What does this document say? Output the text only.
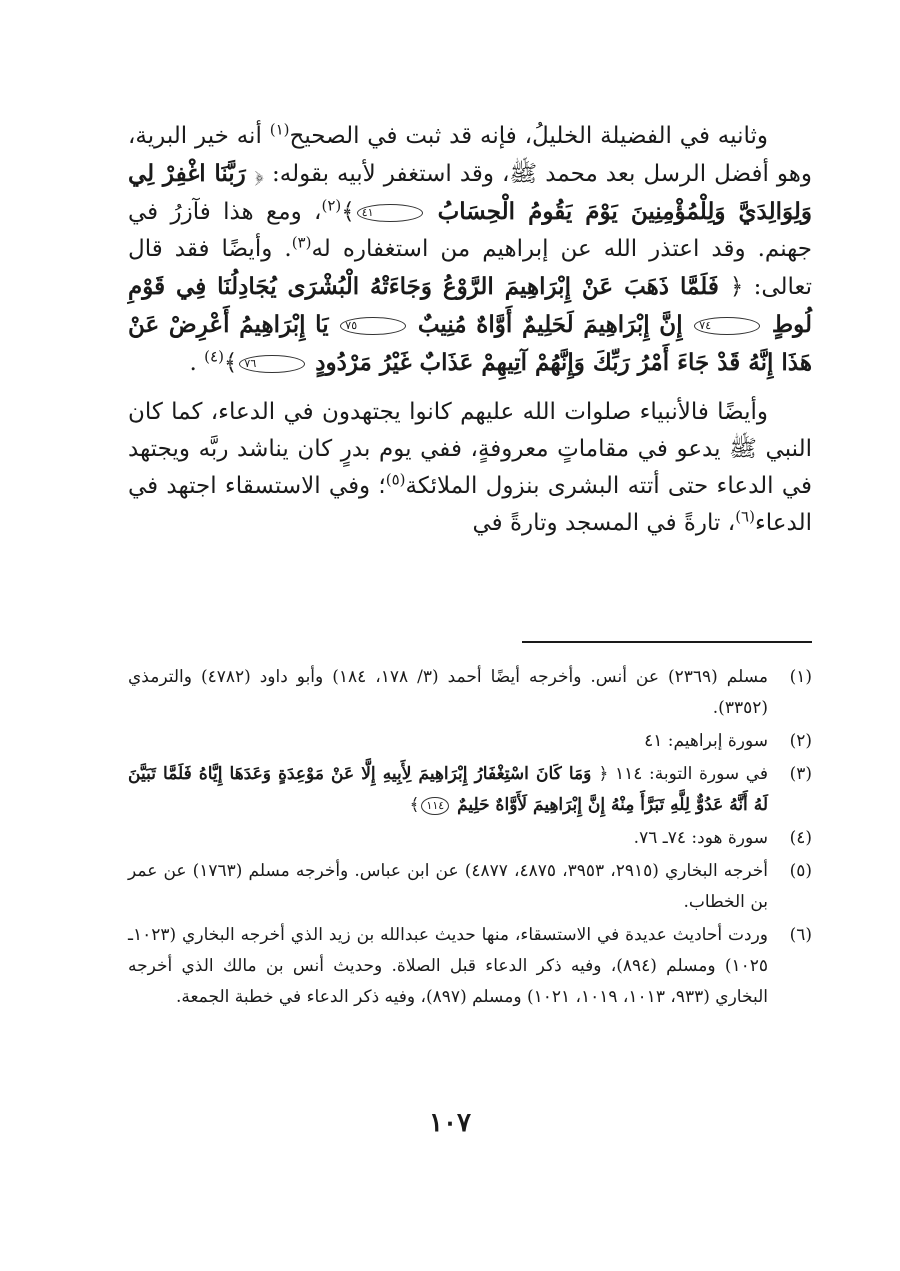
وثانيه في الفضيلة الخليلُ، فإنه قد ثبت في الصحيح$^{(١)}$ أنه خير البرية، وهو أفضل الرسل بعد محمد ﷺ، وقد استغفر لأبيه بقوله: ﴿ رَبَّنَا اغْفِرْ لِي وَلِوَالِدَيَّ وَلِلْمُؤْمِنِينَ يَوْمَ يَقُومُ الْحِسَابُ ٤١﴾$^{(٢)}$، ومع هذا فآزرُ في جهنم. وقد اعتذر الله عن إبراهيم من استغفاره له$^{(٣)}$. وأيضًا فقد قال تعالى: ﴿ فَلَمَّا ذَهَبَ عَنْ إِبْرَاهِيمَ الرَّوْعُ وَجَاءَتْهُ الْبُشْرَى يُجَادِلُنَا فِي قَوْمِ لُوطٍ ٧٤ إِنَّ إِبْرَاهِيمَ لَحَلِيمٌ أَوَّاهٌ مُنِيبٌ ٧٥ يَا إِبْرَاهِيمُ أَعْرِضْ عَنْ هَذَا إِنَّهُ قَدْ جَاءَ أَمْرُ رَبِّكَ وَإِنَّهُمْ آتِيهِمْ عَذَابٌ غَيْرُ مَرْدُودٍ ٧٦﴾$^{(٤)}$ .

وأيضًا فالأنبياء صلوات الله عليهم كانوا يجتهدون في الدعاء، كما كان النبي ﷺ يدعو في مقاماتٍ معروفةٍ، ففي يوم بدرٍ كان يناشد ربَّه ويجتهد في الدعاء حتى أتته البشرى بنزول الملائكة$^{(٥)}$؛ وفي الاستسقاء اجتهد في الدعاء$^{(٦)}$، تارةً في المسجد وتارةً في

(١)
مسلم (٢٣٦٩) عن أنس. وأخرجه أيضًا أحمد (٣/ ١٧٨، ١٨٤) وأبو داود (٤٧٨٢) والترمذي (٣٣٥٢).
(٢)
سورة إبراهيم: ٤١
(٣)
في سورة التوبة: ١١٤ ﴿ وَمَا كَانَ اسْتِغْفَارُ إِبْرَاهِيمَ لِأَبِيهِ إِلَّا عَنْ مَوْعِدَةٍ وَعَدَهَا إِيَّاهُ فَلَمَّا تَبَيَّنَ لَهُ أَنَّهُ عَدُوٌّ لِلَّهِ تَبَرَّأَ مِنْهُ إِنَّ إِبْرَاهِيمَ لَأَوَّاهٌ حَلِيمٌ ١١٤﴾
(٤)
سورة هود: ٧٤ـ ٧٦.
(٥)
أخرجه البخاري (٢٩١٥، ٣٩٥٣، ٤٨٧٥، ٤٨٧٧) عن ابن عباس. وأخرجه مسلم (١٧٦٣) عن عمر بن الخطاب.
(٦)
وردت أحاديث عديدة في الاستسقاء، منها حديث عبدالله بن زيد الذي أخرجه البخاري (١٠٢٣ـ ١٠٢٥) ومسلم (٨٩٤)، وفيه ذكر الدعاء قبل الصلاة. وحديث أنس بن مالك الذي أخرجه البخاري (٩٣٣، ١٠١٣، ١٠١٩، ١٠٢١) ومسلم (٨٩٧)، وفيه ذكر الدعاء في خطبة الجمعة.
١٠٧
